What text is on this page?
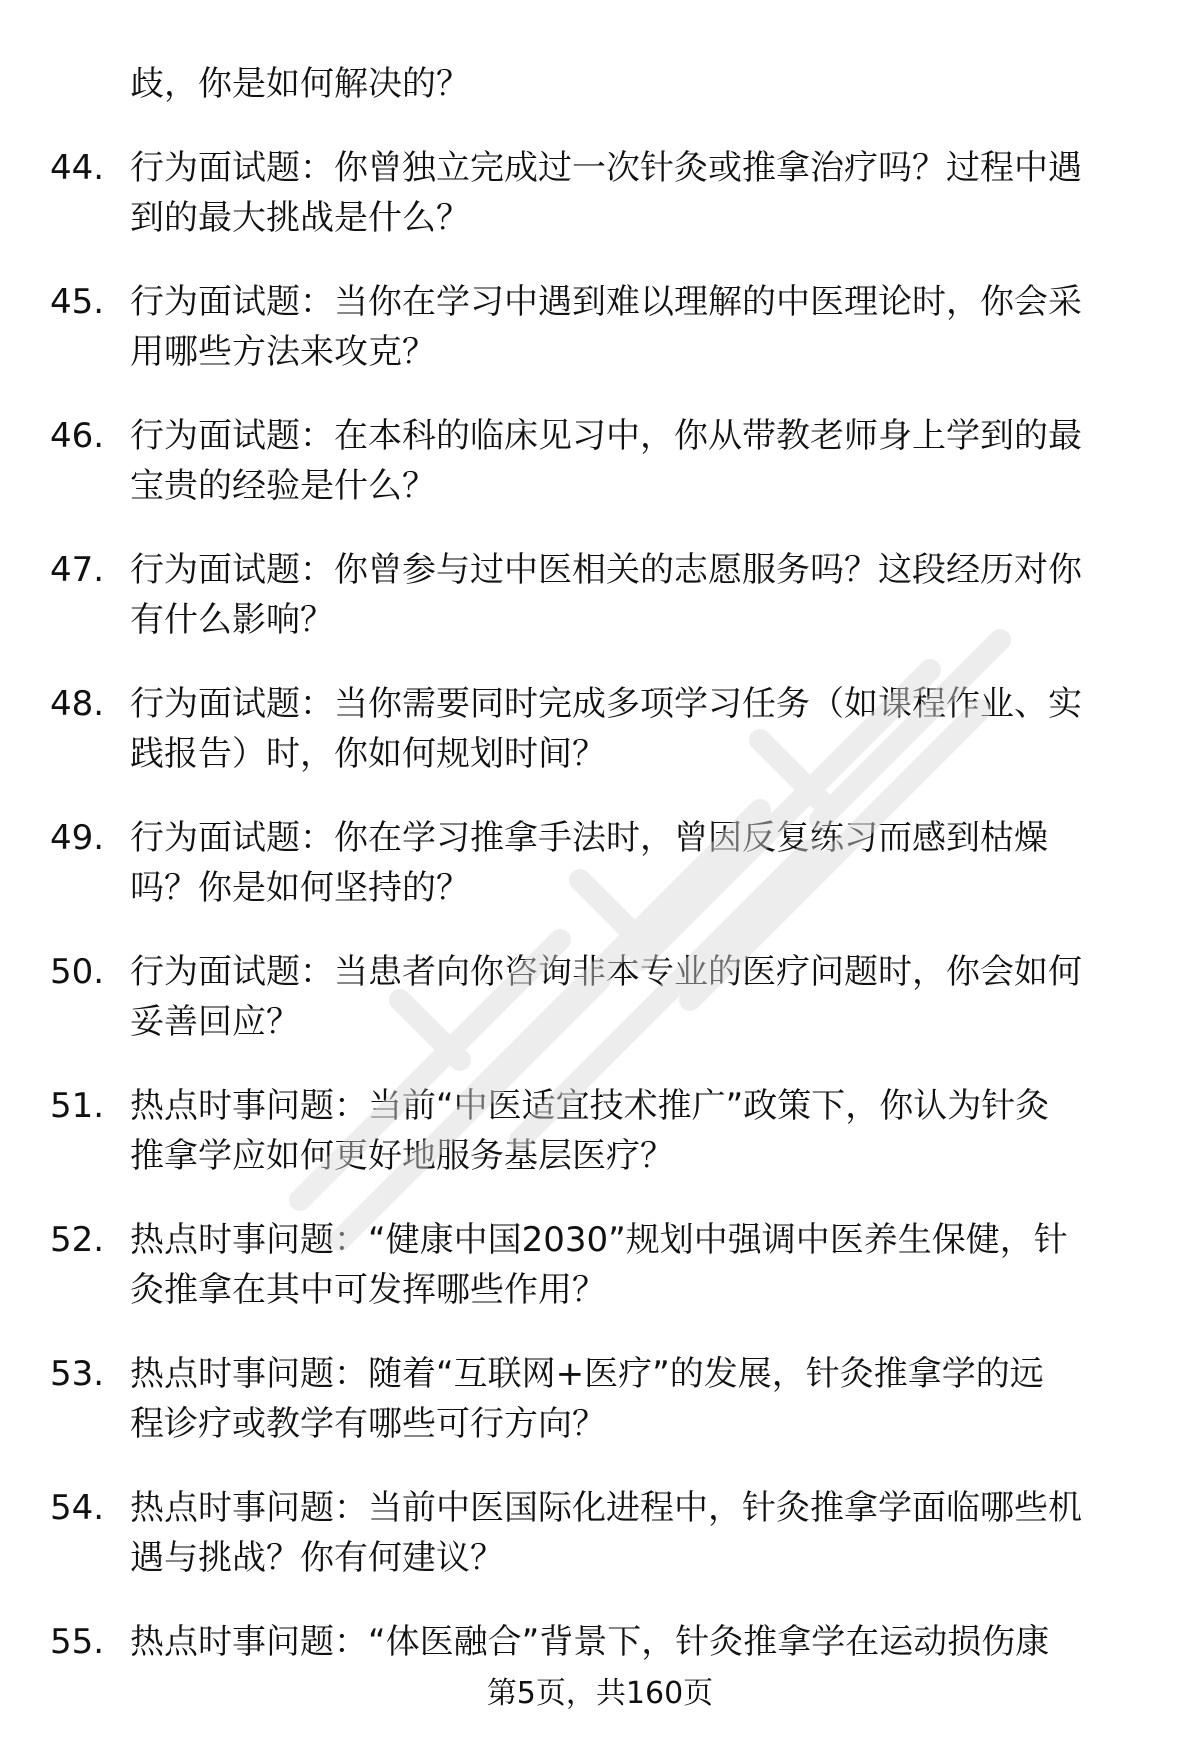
歧，你是如何解决的？
44. 行为面试题：你曾独立完成过一次针灸或推拿治疗吗？过程中遇
到的最大挑战是什么？
45. 行为面试题：当你在学习中遇到难以理解的中医理论时，你会采
用哪些方法来攻克？
46. 行为面试题：在本科的临床见习中，你从带教老师身上学到的最
宝贵的经验是什么？
47. 行为面试题：你曾参与过中医相关的志愿服务吗？这段经历对你
有什么影响？
48. 行为面试题：当你需要同时完成多项学习任务（如课程作业、实
践报告）时，你如何规划时间？
49. 行为面试题：你在学习推拿手法时，曾因反复练习而感到枯燥
吗？你是如何坚持的？
50. 行为面试题：当患者向你咨询非本专业的医疗问题时，你会如何
妥善回应？
51. 热点时事问题：当前“中医适宜技术推广”政策下，你认为针灸
推拿学应如何更好地服务基层医疗？
52. 热点时事问题：“健康中国2030”规划中强调中医养生保健，针
灸推拿在其中可发挥哪些作用？
53. 热点时事问题：随着“互联网+医疗”的发展，针灸推拿学的远
程诊疗或教学有哪些可行方向？
54. 热点时事问题：当前中医国际化进程中，针灸推拿学面临哪些机
遇与挑战？你有何建议？
55. 热点时事问题：“体医融合”背景下，针灸推拿学在运动损伤康
第5页，共160页
